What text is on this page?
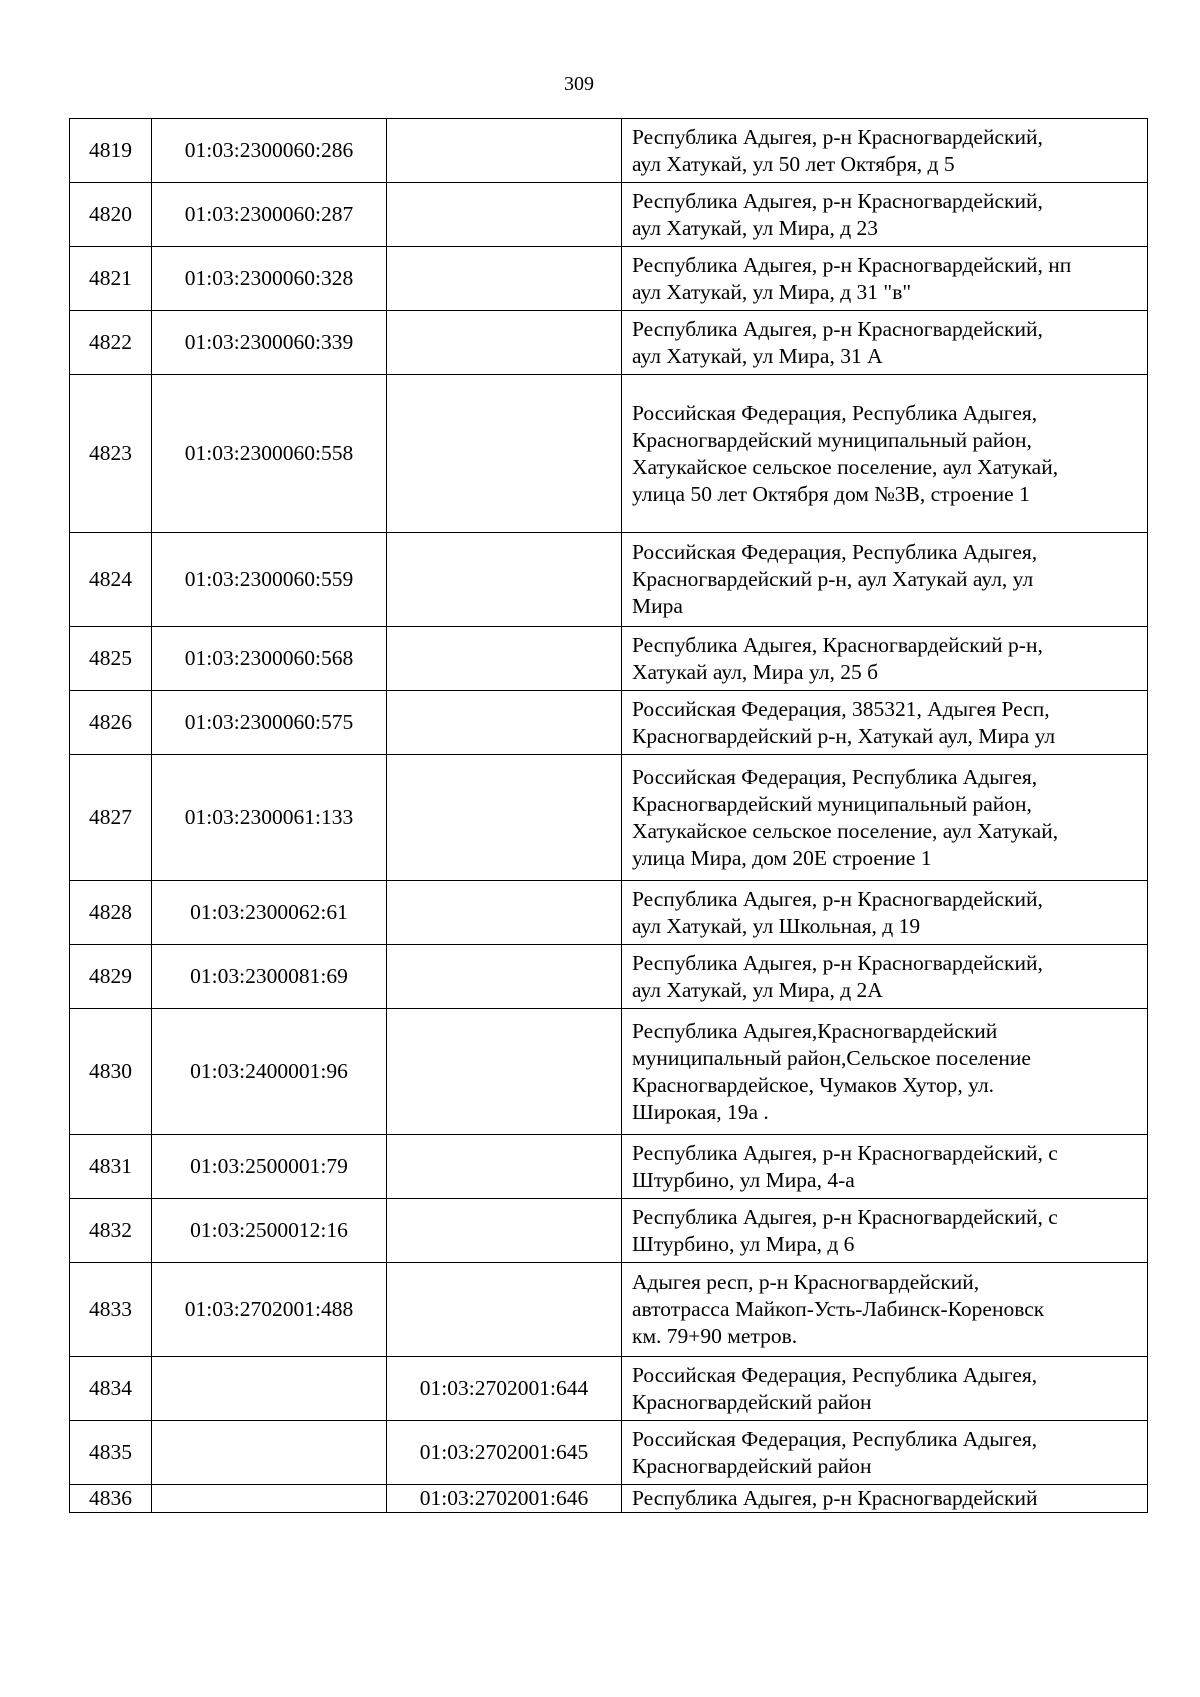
309
4819	01:03:2300060:286		Республика Адыгея, р-н Красногвардейский,
аул Хатукай, ул 50 лет Октября, д 5

4820	01:03:2300060:287		Республика Адыгея, р-н Красногвардейский,
аул Хатукай, ул Мира, д 23

4821	01:03:2300060:328		Республика Адыгея, р-н Красногвардейский, нп
аул Хатукай, ул Мира, д 31 "в"

4822	01:03:2300060:339		Республика Адыгея, р-н Красногвардейский,
аул Хатукай, ул Мира, 31 А

4823	01:03:2300060:558		Российская Федерация, Республика Адыгея,
Красногвардейский муниципальный район,
Хатукайское сельское поселение, аул Хатукай,
улица 50 лет Октября дом №3В, строение 1

4824	01:03:2300060:559		Российская Федерация, Республика Адыгея,
Красногвардейский р-н, аул Хатукай аул, ул
Мира

4825	01:03:2300060:568		Республика Адыгея, Красногвардейский р-н,
Хатукай аул, Мира ул, 25 б

4826	01:03:2300060:575		Российская Федерация, 385321, Адыгея Респ,
Красногвардейский р-н, Хатукай аул, Мира ул

4827	01:03:2300061:133		Российская Федерация, Республика Адыгея,
Красногвардейский муниципальный район,
Хатукайское сельское поселение, аул Хатукай,
улица Мира, дом 20Е строение 1

4828	01:03:2300062:61		Республика Адыгея, р-н Красногвардейский,
аул Хатукай, ул Школьная, д 19

4829	01:03:2300081:69		Республика Адыгея, р-н Красногвардейский,
аул Хатукай, ул Мира, д 2А

4830	01:03:2400001:96		Республика Адыгея,Красногвардейский
муниципальный район,Сельское поселение
Красногвардейское, Чумаков Хутор, ул.
Широкая, 19а .

4831	01:03:2500001:79		Республика Адыгея, р-н Красногвардейский, с
Штурбино, ул Мира, 4-а

4832	01:03:2500012:16		Республика Адыгея, р-н Красногвардейский, с
Штурбино, ул Мира, д 6

4833	01:03:2702001:488		Адыгея респ, р-н Красногвардейский,
автотрасса Майкоп-Усть-Лабинск-Кореновск
км. 79+90 метров.

4834		01:03:2702001:644	Российская Федерация, Республика Адыгея,
Красногвардейский район

4835		01:03:2702001:645	Российская Федерация, Республика Адыгея,
Красногвардейский район

4836		01:03:2702001:646	Республика Адыгея, р-н Красногвардейский
